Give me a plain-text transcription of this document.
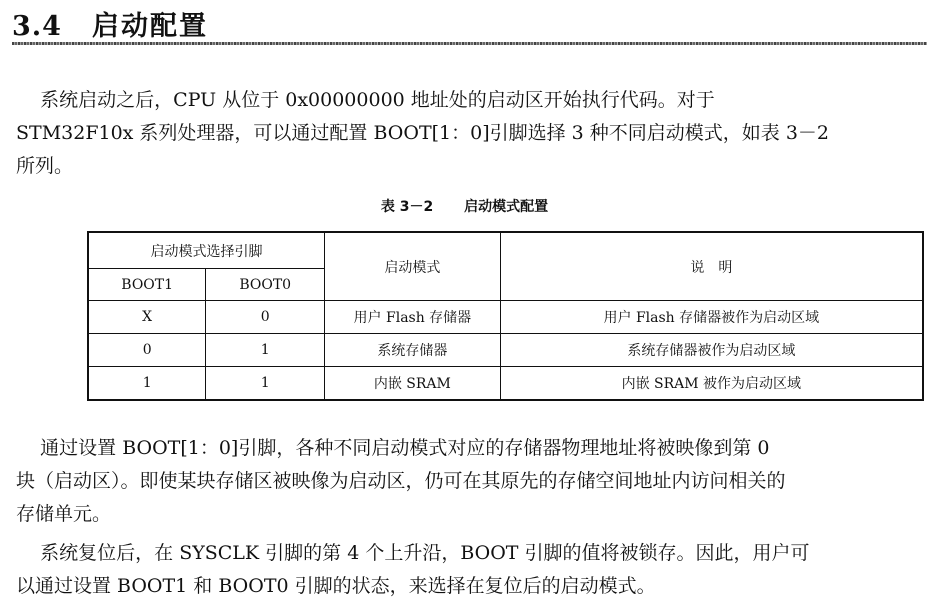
3.4 启动配置

系统启动之后，CPU 从位于 0x00000000 地址处的启动区开始执行代码。对于
STM32F10x 系列处理器，可以通过配置 BOOT[1：0]引脚选择 3 种不同启动模式，如表 3－2
所列。

表 3－2 启动模式配置
启动模式选择引脚		启动模式	说　明
BOOT1	BOOT0		
X	0	用户 Flash 存储器	用户 Flash 存储器被作为启动区域
0	1	系统存储器	系统存储器被作为启动区域
1	1	内嵌 SRAM	内嵌 SRAM 被作为启动区域

通过设置 BOOT[1：0]引脚，各种不同启动模式对应的存储器物理地址将被映像到第 0
块（启动区）。即使某块存储区被映像为启动区，仍可在其原先的存储空间地址内访问相关的
存储单元。

系统复位后，在 SYSCLK 引脚的第 4 个上升沿，BOOT 引脚的值将被锁存。因此，用户可
以通过设置 BOOT1 和 BOOT0 引脚的状态，来选择在复位后的启动模式。
